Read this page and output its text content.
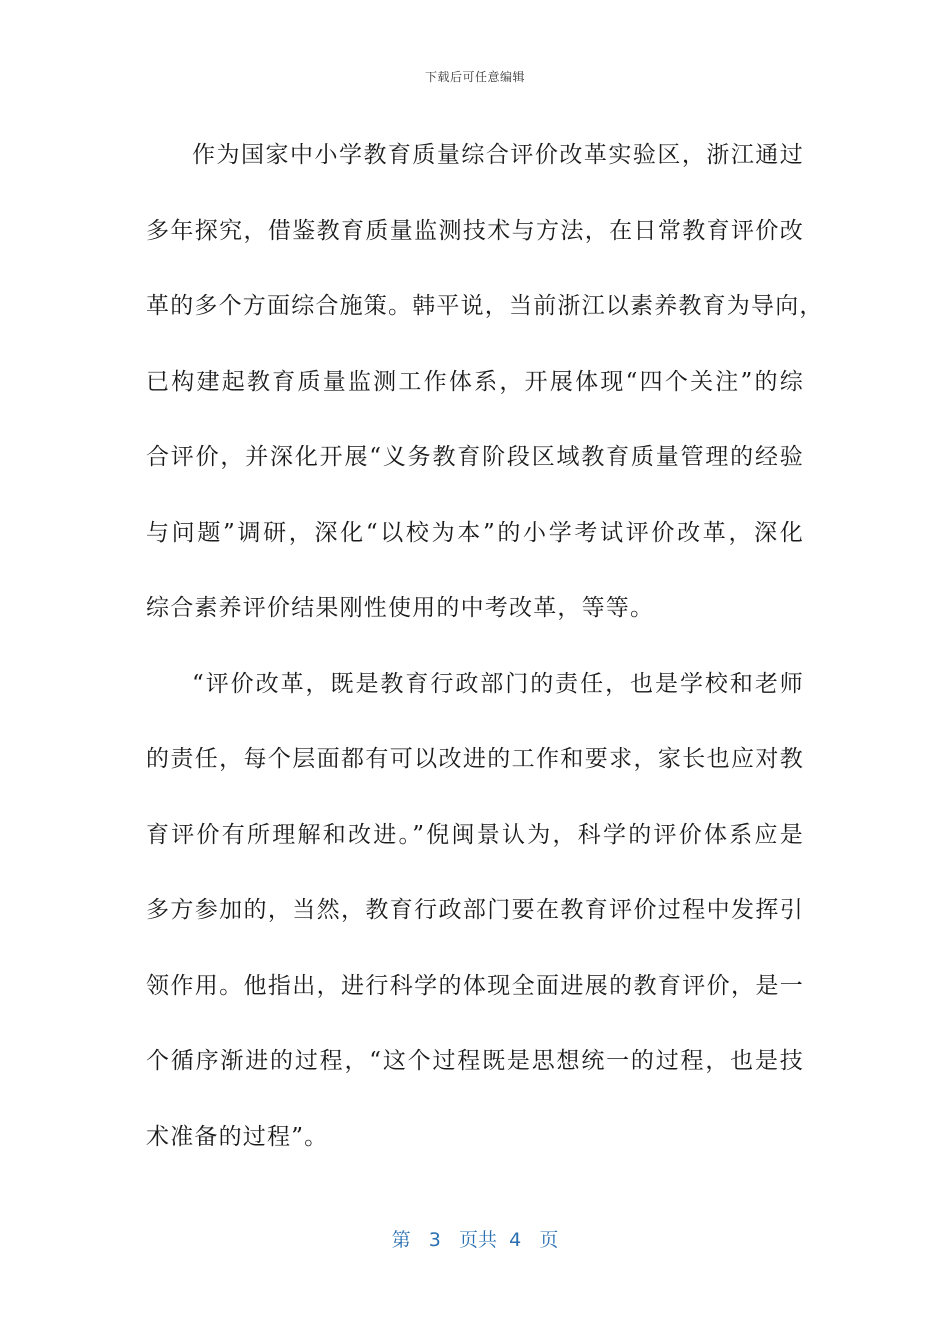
下载后可任意编辑
作为国家中小学教育质量综合评价改革实验区，浙江通过
多年探究，借鉴教育质量监测技术与方法，在日常教育评价改
革的多个方面综合施策。韩平说，当前浙江以素养教育为导向，
已构建起教育质量监测工作体系，开展体现“四个关注”的综
合评价，并深化开展“义务教育阶段区域教育质量管理的经验
与问题”调研，深化“以校为本”的小学考试评价改革，深化
综合素养评价结果刚性使用的中考改革，等等。
“评价改革，既是教育行政部门的责任，也是学校和老师
的责任，每个层面都有可以改进的工作和要求，家长也应对教
育评价有所理解和改进。”倪闽景认为，科学的评价体系应是
多方参加的，当然，教育行政部门要在教育评价过程中发挥引
领作用。他指出，进行科学的体现全面进展的教育评价，是一
个循序渐进的过程，“这个过程既是思想统一的过程，也是技
术准备的过程”。
第 3 页共 4 页
